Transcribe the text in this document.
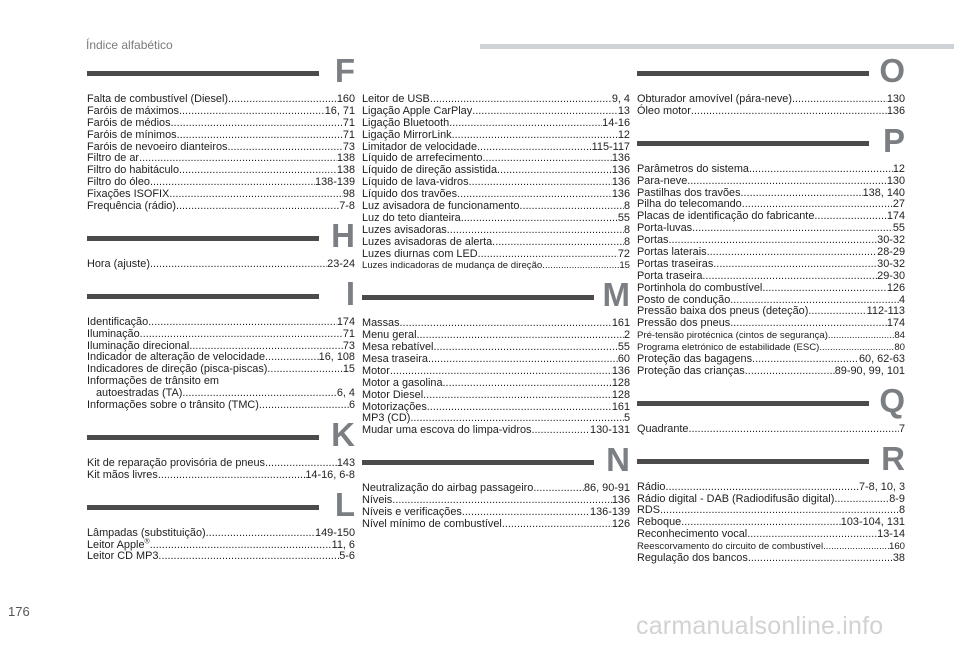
Índice alfabético
F
Falta de combustível (Diesel) .....	160
Faróis de máximos .....	16, 71
Faróis de médios .....	71
Faróis de mínimos .....	71
Faróis de nevoeiro dianteiros .....	73
Filtro de ar .....	138
Filtro do habitáculo .....	138
Filtro do óleo .....	138-139
Fixações ISOFIX .....	98
Frequência (rádio) .....	7-8
H
Hora (ajuste) .....	23-24
I
Identificação .....	174
Iluminação .....	71
Iluminação direcional .....	73
Indicador de alteração de velocidade .....	16, 108
Indicadores de direção (pisca-piscas) .....	15
Informações de trânsito em
autoestradas (TA) .....	6, 4
Informações sobre o trânsito (TMC) .....	6
K
Kit de reparação provisória de pneus .....	143
Kit mãos livres .....	14-16, 6-8
L
Lâmpadas (substituição) .....	149-150
Leitor Apple® .....	11, 6
Leitor CD MP3 .....	5-6
Leitor de USB .....	9, 4
Ligação Apple CarPlay .....	13
Ligação Bluetooth .....	14-16
Ligação MirrorLink .....	12
Limitador de velocidade .....	115-117
Líquido de arrefecimento .....	136
Líquido de direção assistida .....	136
Líquido de lava-vidros .....	136
Líquido dos travões .....	136
Luz avisadora de funcionamento .....	8
Luz do teto dianteira .....	55
Luzes avisadoras .....	8
Luzes avisadoras de alerta .....	8
Luzes diurnas com LED .....	72
Luzes indicadoras de mudança de direção .....	15
M
Massas .....	161
Menu geral .....	2
Mesa rebatível .....	55
Mesa traseira .....	60
Motor .....	136
Motor a gasolina .....	128
Motor Diesel .....	128
Motorizações .....	161
MP3 (CD) .....	5
Mudar uma escova do limpa-vidros .....	130-131
N
Neutralização do airbag passageiro .....	86, 90-91
Níveis .....	136
Níveis e verificações .....	136-139
Nível mínimo de combustível .....	126
O
Obturador amovível (pára-neve) .....	130
Óleo motor .....	136
P
Parâmetros do sistema .....	12
Para-neve .....	130
Pastilhas dos travões .....	138, 140
Pilha do telecomando .....	27
Placas de identificação do fabricante .....	174
Porta-luvas .....	55
Portas .....	30-32
Portas laterais .....	28-29
Portas traseiras .....	30-32
Porta traseira .....	29-30
Portinhola do combustível .....	126
Posto de condução .....	4
Pressão baixa dos pneus (deteção) .....	112-113
Pressão dos pneus .....	174
Pré-tensão pirotécnica (cintos de segurança) .....	84
Programa eletrónico de estabilidade (ESC) .....	80
Proteção das bagagens .....	60, 62-63
Proteção das crianças .....	89-90, 99, 101
Q
Quadrante .....	7
R
Rádio .....	7-8, 10, 3
Rádio digital - DAB (Radiodifusão digital) .....	8-9
RDS .....	8
Reboque .....	103-104, 131
Reconhecimento vocal .....	13-14
Reescorvamento do circuito de combustível .....	160
Regulação dos bancos .....	38
176
carmanualsonline.info
